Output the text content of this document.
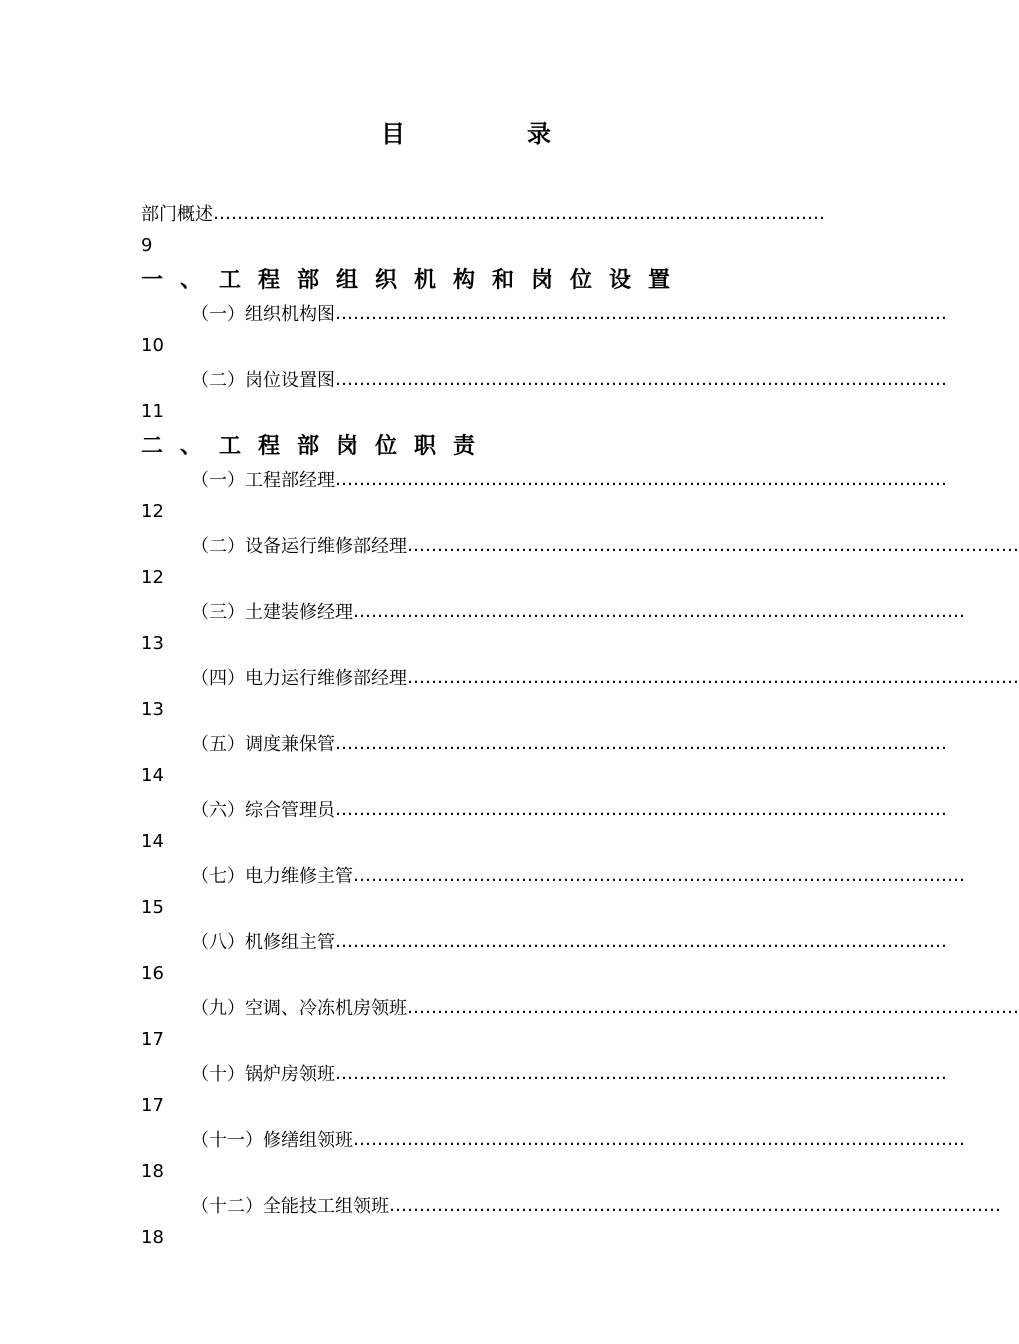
目	录
部门概述 …………………………………………………………………………………………
9
一、工程部组织机构和岗位设置
（一）组织机构图 …………………………………………………………………………………………
10
（二）岗位设置图 …………………………………………………………………………………………
11
二、工程部岗位职责
（一）工程部经理 …………………………………………………………………………………………
12
（二）设备运行维修部经理 …………………………………………………………………………………………
12
（三）土建装修经理 …………………………………………………………………………………………
13
（四）电力运行维修部经理 …………………………………………………………………………………………
13
（五）调度兼保管 …………………………………………………………………………………………
14
（六）综合管理员 …………………………………………………………………………………………
14
（七）电力维修主管 …………………………………………………………………………………………
15
（八）机修组主管 …………………………………………………………………………………………
16
（九）空调、冷冻机房领班 …………………………………………………………………………………………
17
（十）锅炉房领班 …………………………………………………………………………………………
17
（十一）修缮组领班 …………………………………………………………………………………………
18
（十二）全能技工组领班 …………………………………………………………………………………………
18
